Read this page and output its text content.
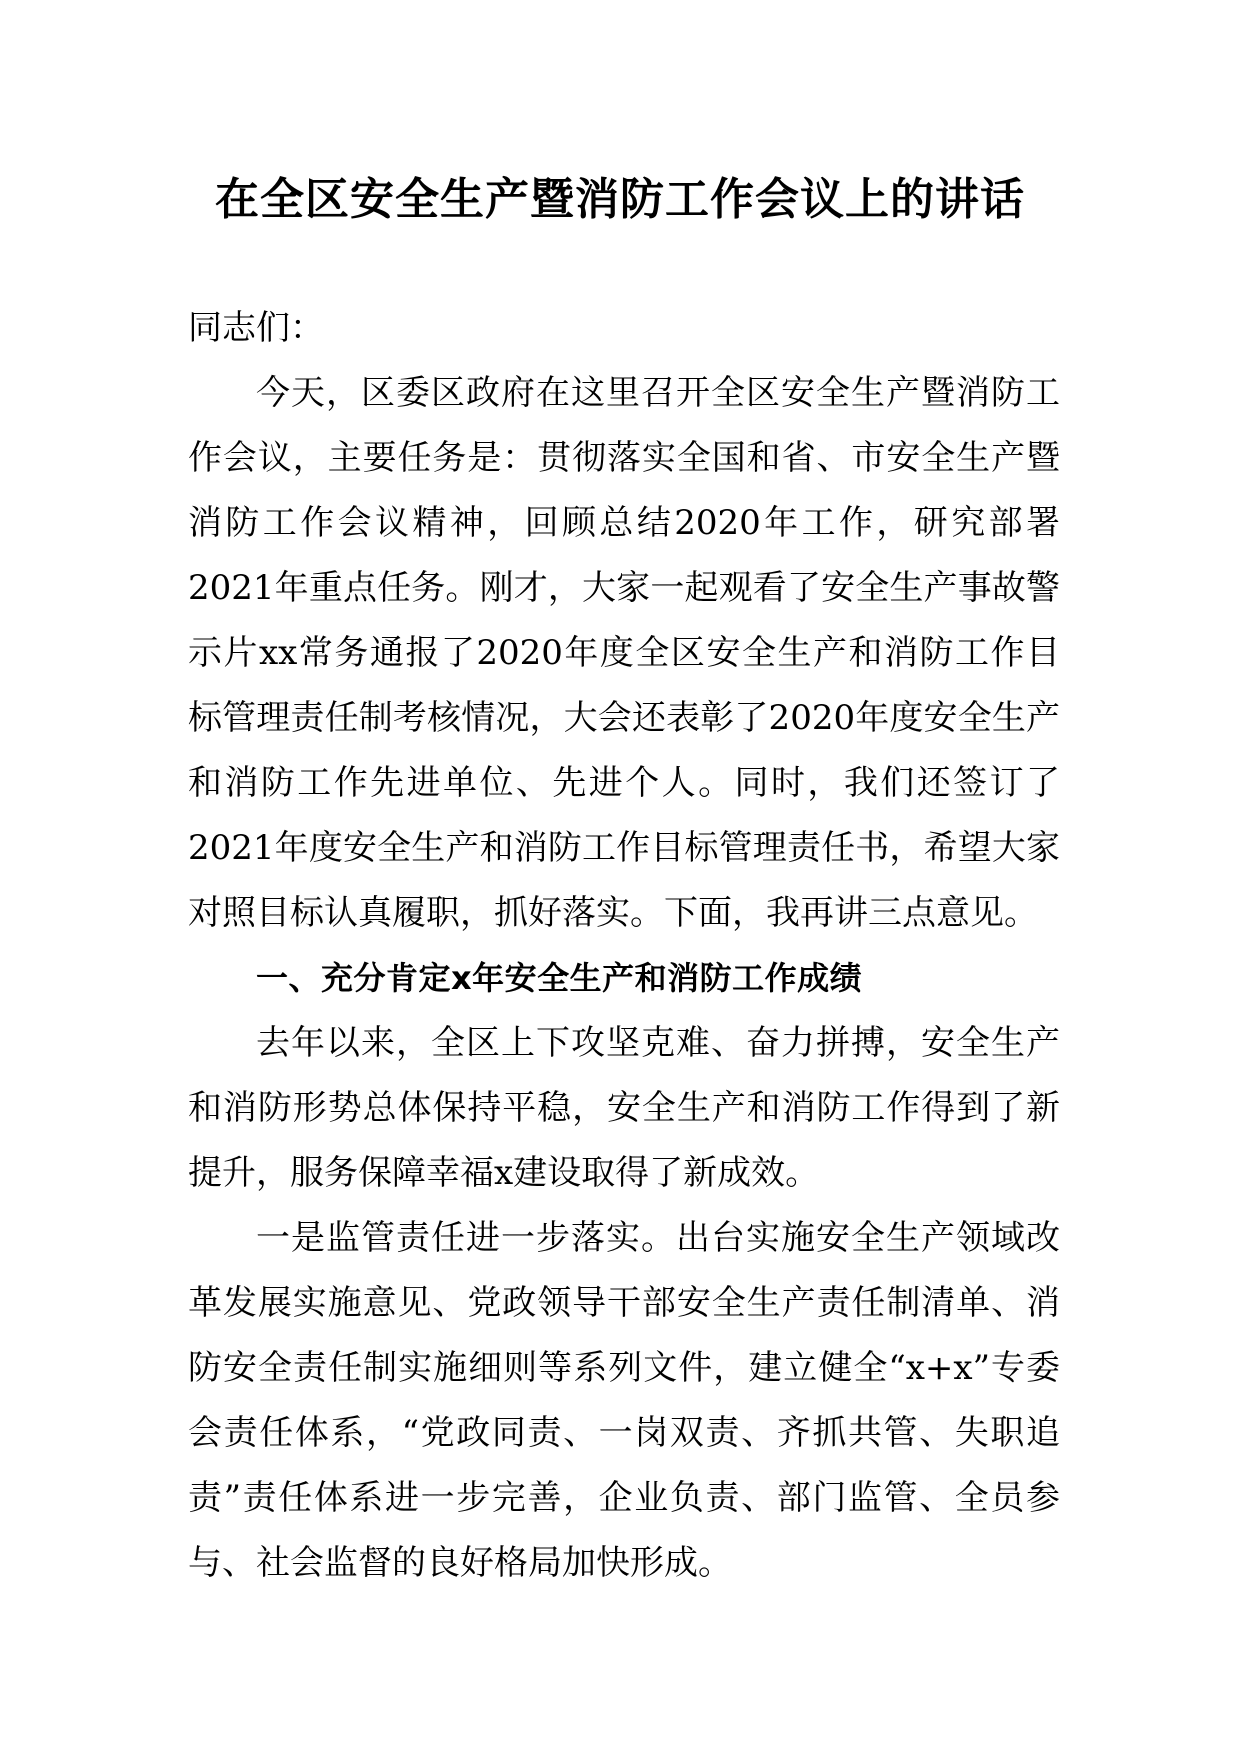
在全区安全生产暨消防工作会议上的讲话

同志们：

今天，区委区政府在这里召开全区安全生产暨消防工作会议，主要任务是：贯彻落实全国和省、市安全生产暨消防工作会议精神，回顾总结2020年工作，研究部署2021年重点任务。刚才，大家一起观看了安全生产事故警示片xx常务通报了2020年度全区安全生产和消防工作目标管理责任制考核情况，大会还表彰了2020年度安全生产和消防工作先进单位、先进个人。同时，我们还签订了2021年度安全生产和消防工作目标管理责任书，希望大家对照目标认真履职，抓好落实。下面，我再讲三点意见。

一、充分肯定x年安全生产和消防工作成绩

去年以来，全区上下攻坚克难、奋力拼搏，安全生产和消防形势总体保持平稳，安全生产和消防工作得到了新提升，服务保障幸福x建设取得了新成效。

一是监管责任进一步落实。出台实施安全生产领域改革发展实施意见、党政领导干部安全生产责任制清单、消防安全责任制实施细则等系列文件，建立健全“x+x”专委会责任体系，“党政同责、一岗双责、齐抓共管、失职追责”责任体系进一步完善，企业负责、部门监管、全员参与、社会监督的良好格局加快形成。
